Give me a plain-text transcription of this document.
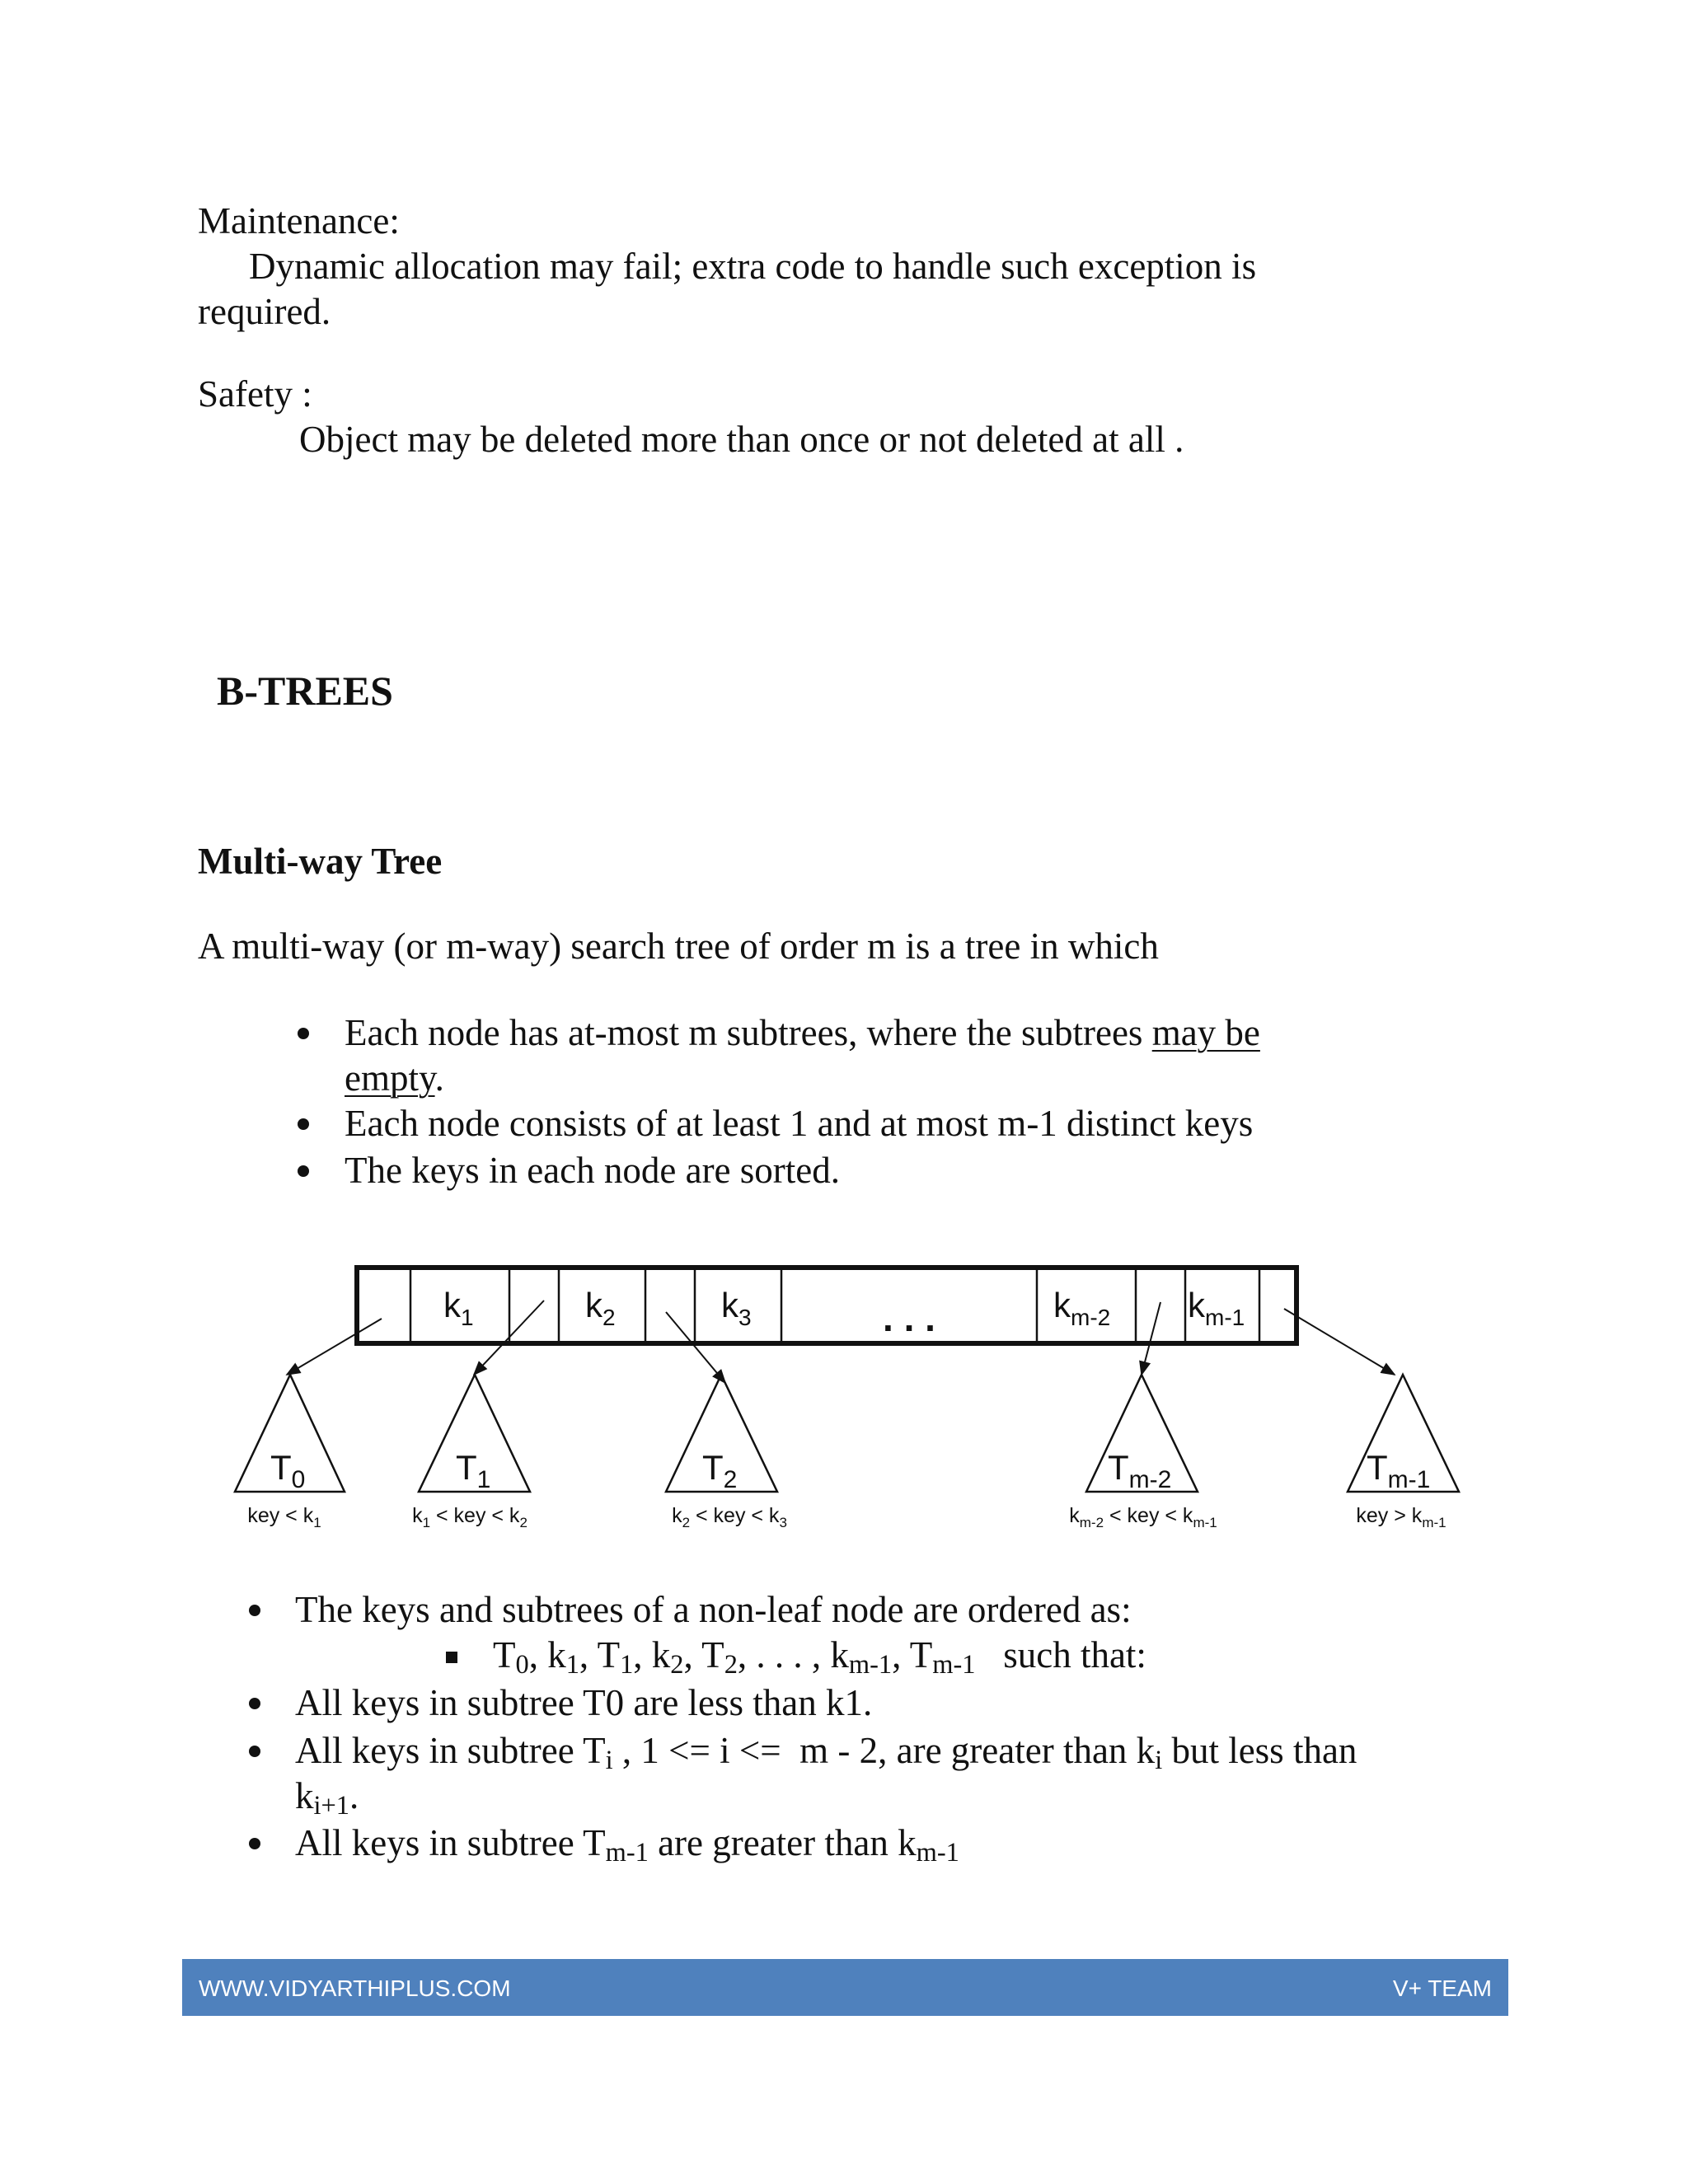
Maintenance:
Dynamic allocation may fail; extra code to handle such exception is
required.
Safety :
Object may be deleted more than once or not deleted at all .
B-TREES
Multi-way Tree
A multi-way (or m-way) search tree of order m is a tree in which
Each node has at-most m subtrees, where the subtrees may be
empty.
Each node consists of at least 1 and at most m-1 distinct keys
The keys in each node are sorted.
$k_1$	$k_2$	$k_3$	. . .	$k_{m-2}$ $k_{m-1}$
$T_0$	$T_1$	$T_2$	$T_{m-2}$	$T_{m-1}$
key < $k_1$	$k_1$ < key < $k_2$	$k_2$ < key < $k_3$	$k_{m-2}$ < key < $k_{m-1}$	key > $k_{m-1}$
The keys and subtrees of a non-leaf node are ordered as:
$T_0$, $k_1$, $T_1$, $k_2$, $T_2$, . . . , $k_{m-1}$, $T_{m-1}$   such that:
All keys in subtree T0 are less than k1.
All keys in subtree $T_i$ , 1 <= i <=  m - 2, are greater than $k_i$ but less than
$k_{i+1}$.
All keys in subtree $T_{m-1}$ are greater than $k_{m-1}$
WWW.VIDYARTHIPLUS.COM	V+ TEAM
